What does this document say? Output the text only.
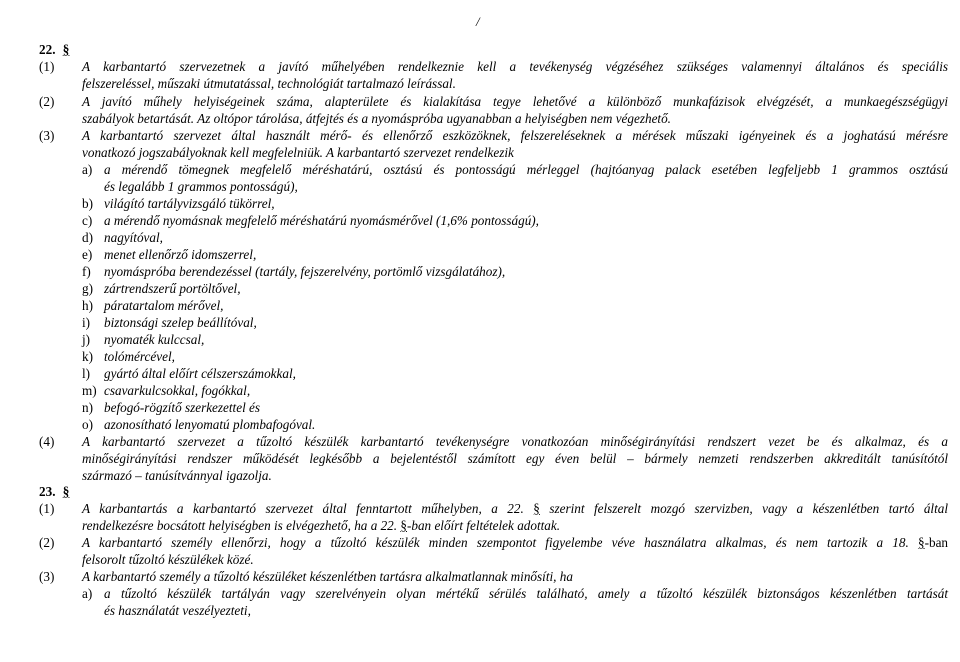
/
22. §
(1) A karbantartó szervezetnek a javító műhelyében rendelkeznie kell a tevékenység végzéséhez szükséges valamennyi általános és speciális
felszereléssel, műszaki útmutatással, technológiát tartalmazó leírással.
(2) A javító műhely helyiségeinek száma, alapterülete és kialakítása tegye lehetővé a különböző munkafázisok elvégzését, a munkaegészségügyi
szabályok betartását. Az oltópor tárolása, átfejtés és a nyomáspróba ugyanabban a helyiségben nem végezhető.
(3) A karbantartó szervezet által használt mérő- és ellenőrző eszközöknek, felszereléseknek a mérések műszaki igényeinek és a joghatású mérésre
vonatkozó jogszabályoknak kell megfelelniük. A karbantartó szervezet rendelkezik
a) a mérendő tömegnek megfelelő méréshatárú, osztású és pontosságú mérleggel (hajtóanyag palack esetében legfeljebb 1 grammos osztású
és legalább 1 grammos pontosságú),
b) világító tartályvizsgáló tükörrel,
c) a mérendő nyomásnak megfelelő méréshatárú nyomásmérővel (1,6% pontosságú),
d) nagyítóval,
e) menet ellenőrző idomszerrel,
f) nyomáspróba berendezéssel (tartály, fejszerelvény, portömlő vizsgálatához),
g) zártrendszerű portöltővel,
h) páratartalom mérővel,
i) biztonsági szelep beállítóval,
j) nyomaték kulccsal,
k) tolómércével,
l) gyártó által előírt célszerszámokkal,
m) csavarkulcsokkal, fogókkal,
n) befogó-rögzítő szerkezettel és
o) azonosítható lenyomatú plombafogóval.
(4) A karbantartó szervezet a tűzoltó készülék karbantartó tevékenységre vonatkozóan minőségirányítási rendszert vezet be és alkalmaz, és a
minőségirányítási rendszer működését legkésőbb a bejelentéstől számított egy éven belül – bármely nemzeti rendszerben akkreditált tanúsítótól
származó – tanúsítvánnyal igazolja.
23. §
(1) A karbantartás a karbantartó szervezet által fenntartott műhelyben, a 22. § szerint felszerelt mozgó szervizben, vagy a készenlétben tartó által
rendelkezésre bocsátott helyiségben is elvégezhető, ha a 22. §-ban előírt feltételek adottak.
(2) A karbantartó személy ellenőrzi, hogy a tűzoltó készülék minden szempontot figyelembe véve használatra alkalmas, és nem tartozik a 18. §-ban
felsorolt tűzoltó készülékek közé.
(3) A karbantartó személy a tűzoltó készüléket készenlétben tartásra alkalmatlannak minősíti, ha
a) a tűzoltó készülék tartályán vagy szerelvényein olyan mértékű sérülés található, amely a tűzoltó készülék biztonságos készenlétben tartását
és használatát veszélyezteti,
